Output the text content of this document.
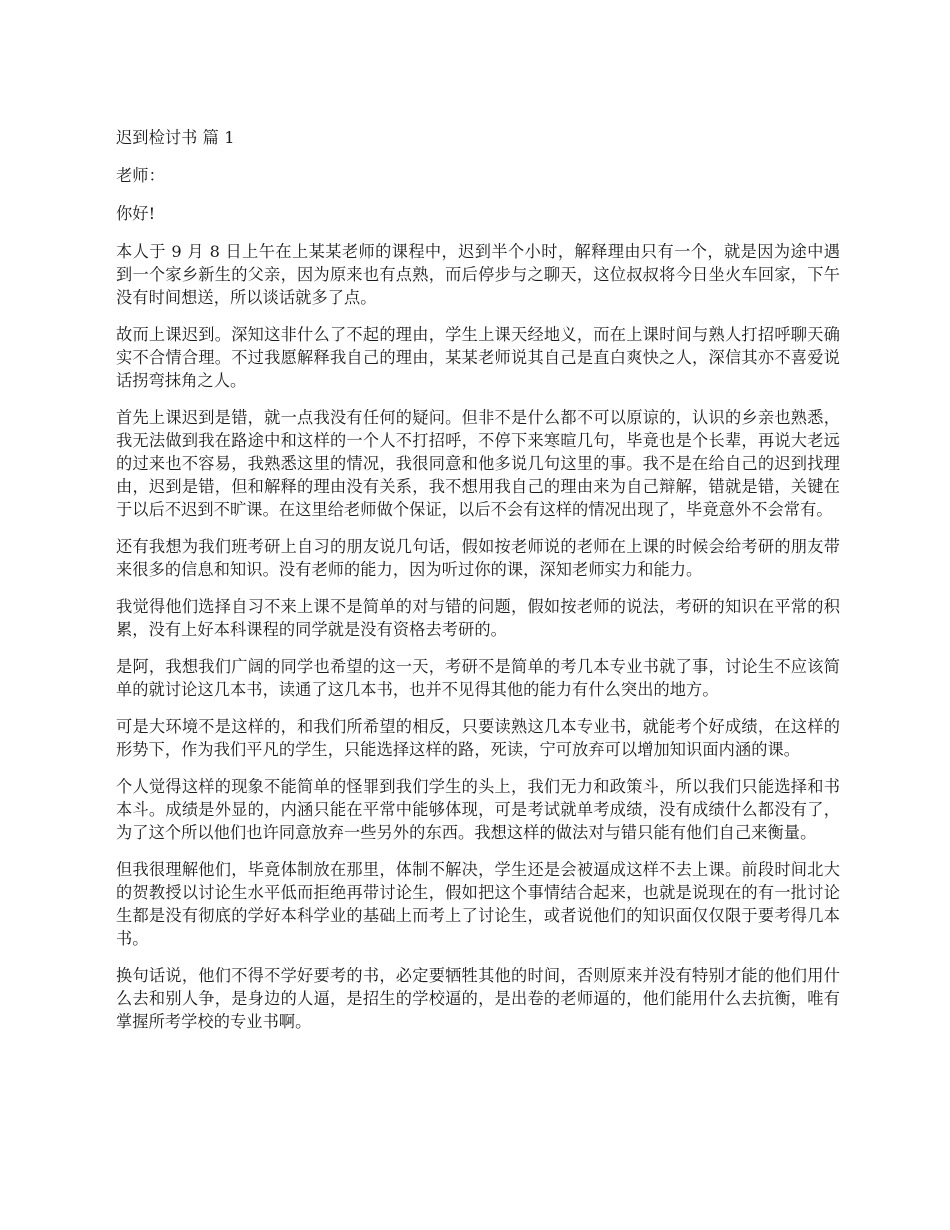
迟到检讨书 篇 1

老师：

你好!

本人于 9 月 8 日上午在上某某老师的课程中，迟到半个小时，解释理由只有一个，就是因为途中遇到一个家乡新生的父亲，因为原来也有点熟，而后停步与之聊天，这位叔叔将今日坐火车回家，下午没有时间想送，所以谈话就多了点。

故而上课迟到。深知这非什么了不起的理由，学生上课天经地义，而在上课时间与熟人打招呼聊天确实不合情合理。不过我愿解释我自己的理由，某某老师说其自己是直白爽快之人，深信其亦不喜爱说话拐弯抹角之人。

首先上课迟到是错，就一点我没有任何的疑问。但非不是什么都不可以原谅的，认识的乡亲也熟悉，我无法做到我在路途中和这样的一个人不打招呼，不停下来寒暄几句，毕竟也是个长辈，再说大老远的过来也不容易，我熟悉这里的情况，我很同意和他多说几句这里的事。我不是在给自己的迟到找理由，迟到是错，但和解释的理由没有关系，我不想用我自己的理由来为自己辩解，错就是错，关键在于以后不迟到不旷课。在这里给老师做个保证，以后不会有这样的情况出现了，毕竟意外不会常有。

还有我想为我们班考研上自习的朋友说几句话，假如按老师说的老师在上课的时候会给考研的朋友带来很多的信息和知识。没有老师的能力，因为听过你的课，深知老师实力和能力。

我觉得他们选择自习不来上课不是简单的对与错的问题，假如按老师的说法，考研的知识在平常的积累，没有上好本科课程的同学就是没有资格去考研的。

是阿，我想我们广阔的同学也希望的这一天，考研不是简单的考几本专业书就了事，讨论生不应该简单的就讨论这几本书，读通了这几本书，也并不见得其他的能力有什么突出的地方。

可是大环境不是这样的，和我们所希望的相反，只要读熟这几本专业书，就能考个好成绩，在这样的形势下，作为我们平凡的学生，只能选择这样的路，死读，宁可放弃可以增加知识面内涵的课。

个人觉得这样的现象不能简单的怪罪到我们学生的头上，我们无力和政策斗，所以我们只能选择和书本斗。成绩是外显的，内涵只能在平常中能够体现，可是考试就单考成绩，没有成绩什么都没有了，为了这个所以他们也许同意放弃一些另外的东西。我想这样的做法对与错只能有他们自己来衡量。

但我很理解他们，毕竟体制放在那里，体制不解决，学生还是会被逼成这样不去上课。前段时间北大的贺教授以讨论生水平低而拒绝再带讨论生，假如把这个事情结合起来，也就是说现在的有一批讨论生都是没有彻底的学好本科学业的基础上而考上了讨论生，或者说他们的知识面仅仅限于要考得几本书。

换句话说，他们不得不学好要考的书，必定要牺牲其他的时间，否则原来并没有特别才能的他们用什么去和别人争，是身边的人逼，是招生的学校逼的，是出卷的老师逼的，他们能用什么去抗衡，唯有掌握所考学校的专业书啊。
